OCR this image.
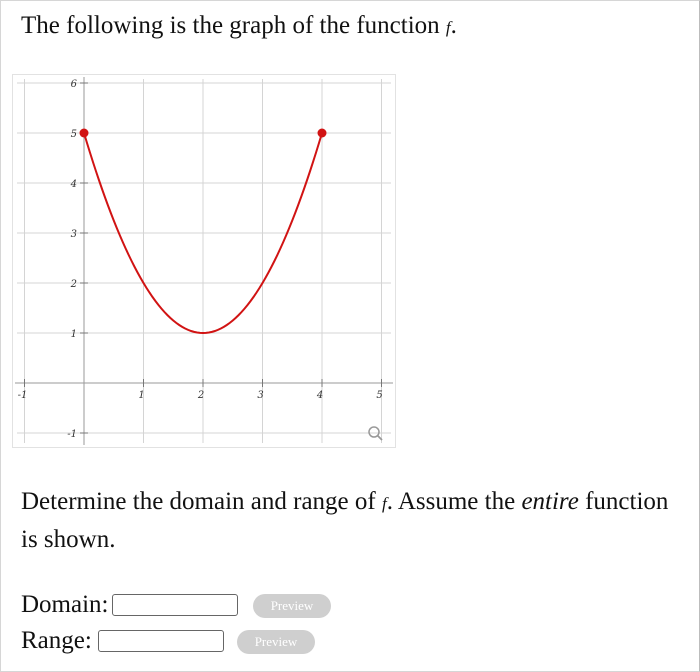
The following is the graph of the function f.
-1	1	2	3	4	5
-1
1
2
3
4
5
6
Determine the domain and range of f. Assume the entire function is shown.
Domain:	Preview
Range:	Preview
